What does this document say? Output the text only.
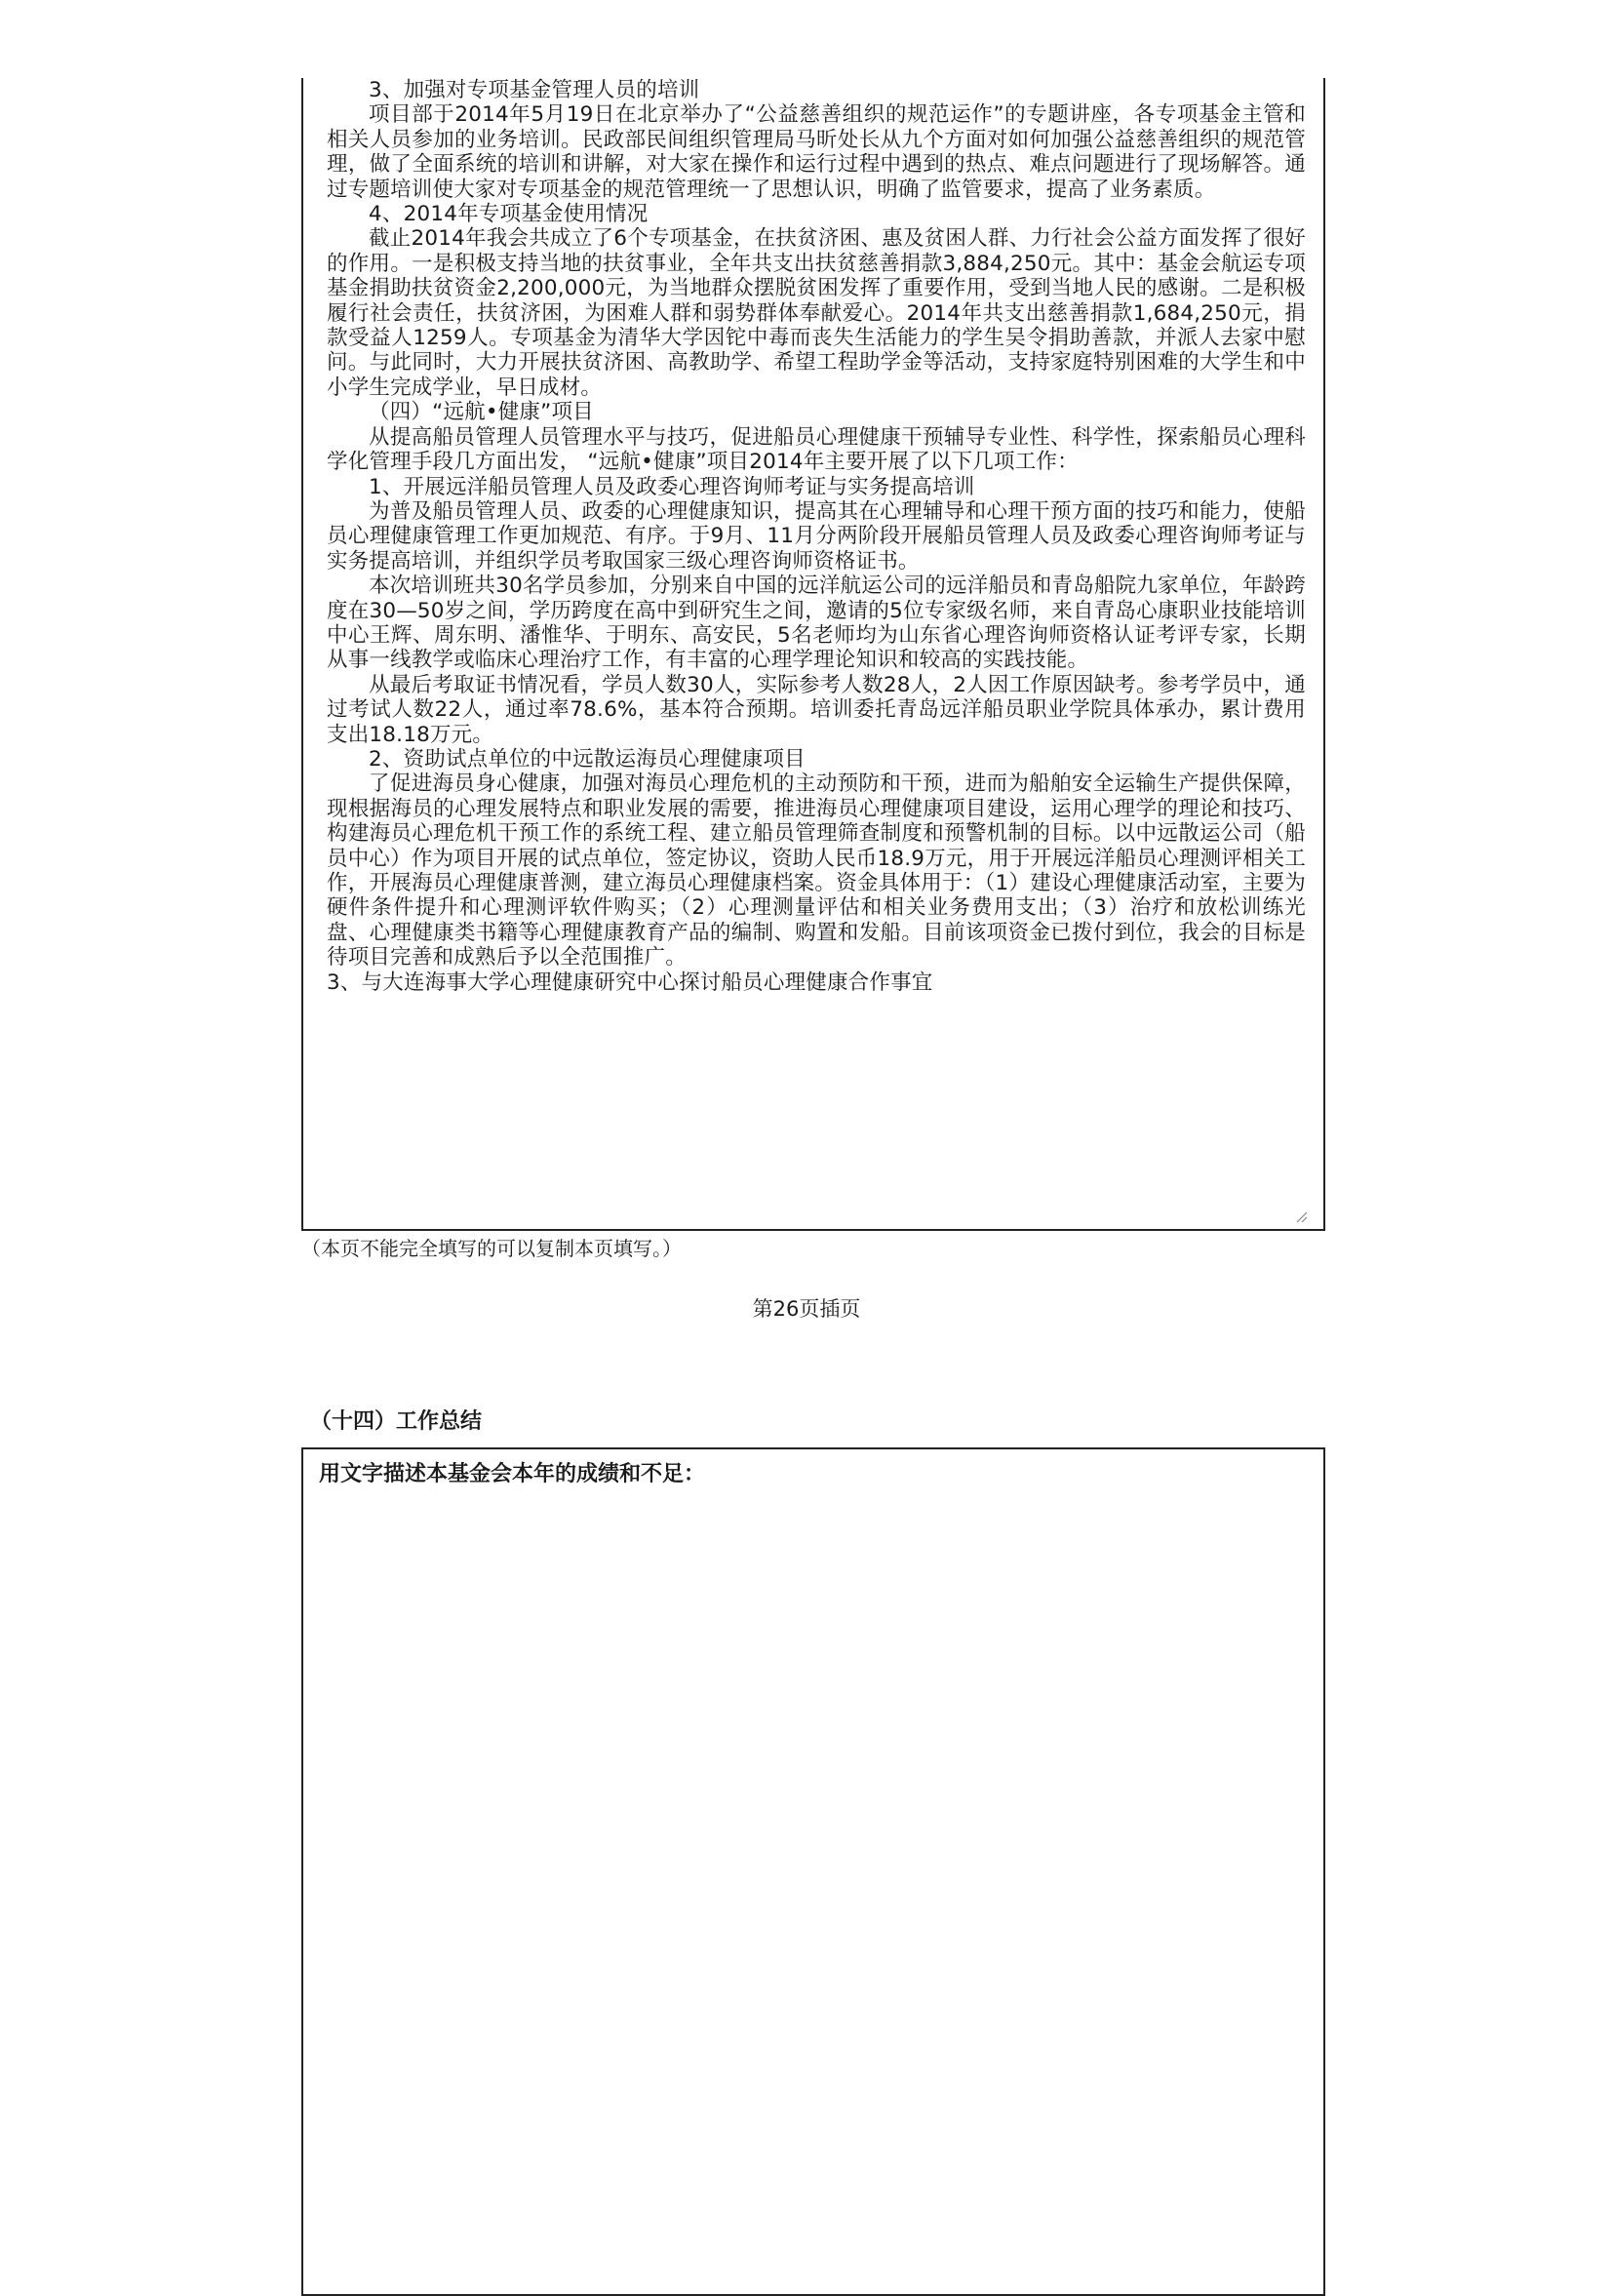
3、加强对专项基金管理人员的培训

项目部于2014年5月19日在北京举办了“公益慈善组织的规范运作”的专题讲座，各专项基金主管和相关人员参加的业务培训。民政部民间组织管理局马昕处长从九个方面对如何加强公益慈善组织的规范管理，做了全面系统的培训和讲解，对大家在操作和运行过程中遇到的热点、难点问题进行了现场解答。通过专题培训使大家对专项基金的规范管理统一了思想认识，明确了监管要求，提高了业务素质。

4、2014年专项基金使用情况

截止2014年我会共成立了6个专项基金，在扶贫济困、惠及贫困人群、力行社会公益方面发挥了很好的作用。一是积极支持当地的扶贫事业，全年共支出扶贫慈善捐款3,884,250元。其中：基金会航运专项基金捐助扶贫资金2,200,000元，为当地群众摆脱贫困发挥了重要作用，受到当地人民的感谢。二是积极履行社会责任，扶贫济困，为困难人群和弱势群体奉献爱心。2014年共支出慈善捐款1,684,250元，捐款受益人1259人。专项基金为清华大学因铊中毒而丧失生活能力的学生吴令捐助善款，并派人去家中慰问。与此同时，大力开展扶贫济困、高教助学、希望工程助学金等活动，支持家庭特别困难的大学生和中小学生完成学业，早日成材。

（四）“远航•健康”项目

从提高船员管理人员管理水平与技巧，促进船员心理健康干预辅导专业性、科学性，探索船员心理科学化管理手段几方面出发， “远航•健康”项目2014年主要开展了以下几项工作：

1、开展远洋船员管理人员及政委心理咨询师考证与实务提高培训

为普及船员管理人员、政委的心理健康知识，提高其在心理辅导和心理干预方面的技巧和能力，使船员心理健康管理工作更加规范、有序。于9月、11月分两阶段开展船员管理人员及政委心理咨询师考证与实务提高培训，并组织学员考取国家三级心理咨询师资格证书。

本次培训班共30名学员参加，分别来自中国的远洋航运公司的远洋船员和青岛船院九家单位，年龄跨度在30—50岁之间，学历跨度在高中到研究生之间，邀请的5位专家级名师，来自青岛心康职业技能培训中心王辉、周东明、潘惟华、于明东、高安民，5名老师均为山东省心理咨询师资格认证考评专家，长期从事一线教学或临床心理治疗工作，有丰富的心理学理论知识和较高的实践技能。

从最后考取证书情况看，学员人数30人，实际参考人数28人，2人因工作原因缺考。参考学员中，通过考试人数22人，通过率78.6%，基本符合预期。培训委托青岛远洋船员职业学院具体承办，累计费用支出18.18万元。

2、资助试点单位的中远散运海员心理健康项目

了促进海员身心健康，加强对海员心理危机的主动预防和干预，进而为船舶安全运输生产提供保障，现根据海员的心理发展特点和职业发展的需要，推进海员心理健康项目建设，运用心理学的理论和技巧、构建海员心理危机干预工作的系统工程、建立船员管理筛查制度和预警机制的目标。以中远散运公司（船员中心）作为项目开展的试点单位，签定协议，资助人民币18.9万元，用于开展远洋船员心理测评相关工作，开展海员心理健康普测，建立海员心理健康档案。资金具体用于：（1）建设心理健康活动室，主要为硬件条件提升和心理测评软件购买；（2）心理测量评估和相关业务费用支出；（3）治疗和放松训练光盘、心理健康类书籍等心理健康教育产品的编制、购置和发船。目前该项资金已拨付到位，我会的目标是待项目完善和成熟后予以全范围推广。

3、与大连海事大学心理健康研究中心探讨船员心理健康合作事宜

（本页不能完全填写的可以复制本页填写。）
第26页插页
（十四）工作总结
用文字描述本基金会本年的成绩和不足：
